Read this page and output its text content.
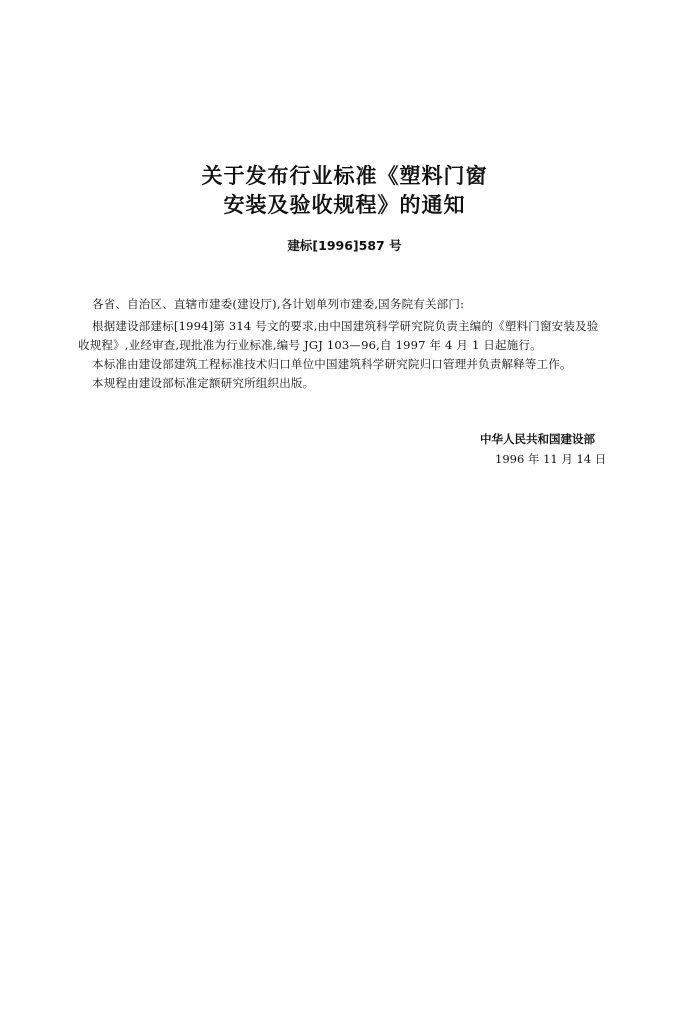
关于发布行业标准《塑料门窗
安装及验收规程》的通知
建标[1996]587 号
各省、自治区、直辖市建委(建设厅),各计划单列市建委,国务院有关部门:
根据建设部建标[1994]第 314 号文的要求,由中国建筑科学研究院负责主编的《塑料门窗安装及验
收规程》,业经审查,现批准为行业标准,编号 JGJ 103—96,自 1997 年 4 月 1 日起施行。
本标准由建设部建筑工程标准技术归口单位中国建筑科学研究院归口管理并负责解释等工作。
本规程由建设部标准定额研究所组织出版。
中华人民共和国建设部
1996 年 11 月 14 日
